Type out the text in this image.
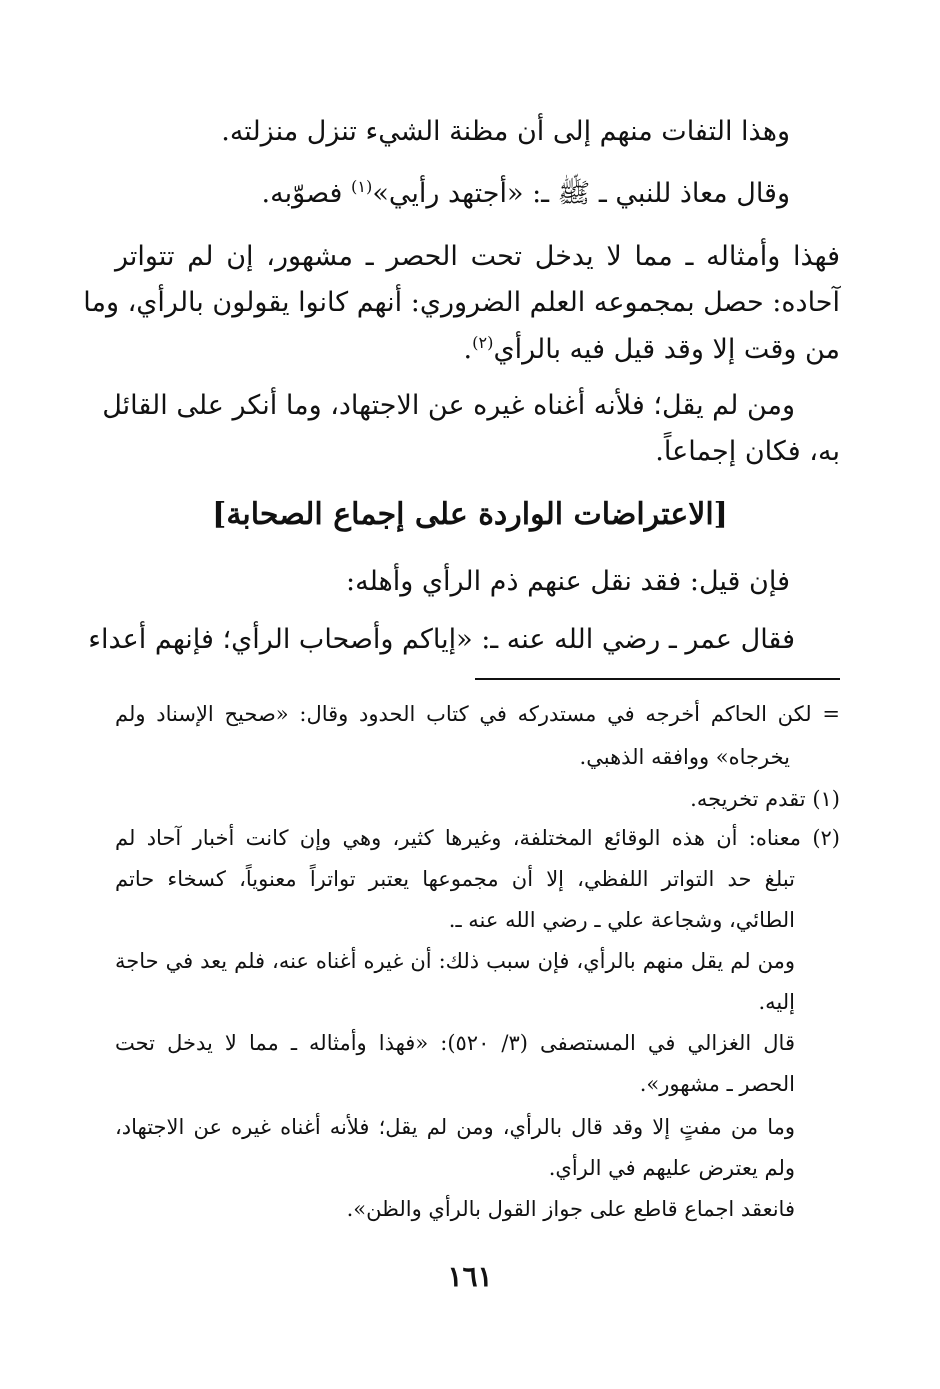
وهذا التفات منهم إلى أن مظنة الشيء تنزل منزلته.

وقال معاذ للنبي ـ ﷺ ـ: «أجتهد رأيي»$^{(١)}$ فصوّبه.

فهذا وأمثاله ـ مما لا يدخل تحت الحصر ـ مشهور، إن لم تتواتر

آحاده: حصل بمجموعه العلم الضروري: أنهم كانوا يقولون بالرأي، وما

من وقت إلا وقد قيل فيه بالرأي$^{(٢)}$.

ومن لم يقل؛ فلأنه أغناه غيره عن الاجتهاد، وما أنكر على القائل

به، فكان إجماعاً.

[الاعتراضات الواردة على إجماع الصحابة]

فإن قيل: فقد نقل عنهم ذم الرأي وأهله:

فقال عمر ـ رضي الله عنه ـ: «إياكم وأصحاب الرأي؛ فإنهم أعداء

= لكن الحاكم أخرجه في مستدركه في كتاب الحدود وقال: «صحيح الإسناد ولم

يخرجاه» ووافقه الذهبي.

(١) تقدم تخريجه.

(٢) معناه: أن هذه الوقائع المختلفة، وغيرها كثير، وهي وإن كانت أخبار آحاد لم

تبلغ حد التواتر اللفظي، إلا أن مجموعها يعتبر تواتراً معنوياً، كسخاء حاتم

الطائي، وشجاعة علي ـ رضي الله عنه ـ.

ومن لم يقل منهم بالرأي، فإن سبب ذلك: أن غيره أغناه عنه، فلم يعد في حاجة

إليه.

قال الغزالي في المستصفى (٣/ ٥٢٠): «فهذا وأمثاله ـ مما لا يدخل تحت

الحصر ـ مشهور».

وما من مفتٍ إلا وقد قال بالرأي، ومن لم يقل؛ فلأنه أغناه غيره عن الاجتهاد،

ولم يعترض عليهم في الرأي.

فانعقد اجماع قاطع على جواز القول بالرأي والظن».

١٦١
